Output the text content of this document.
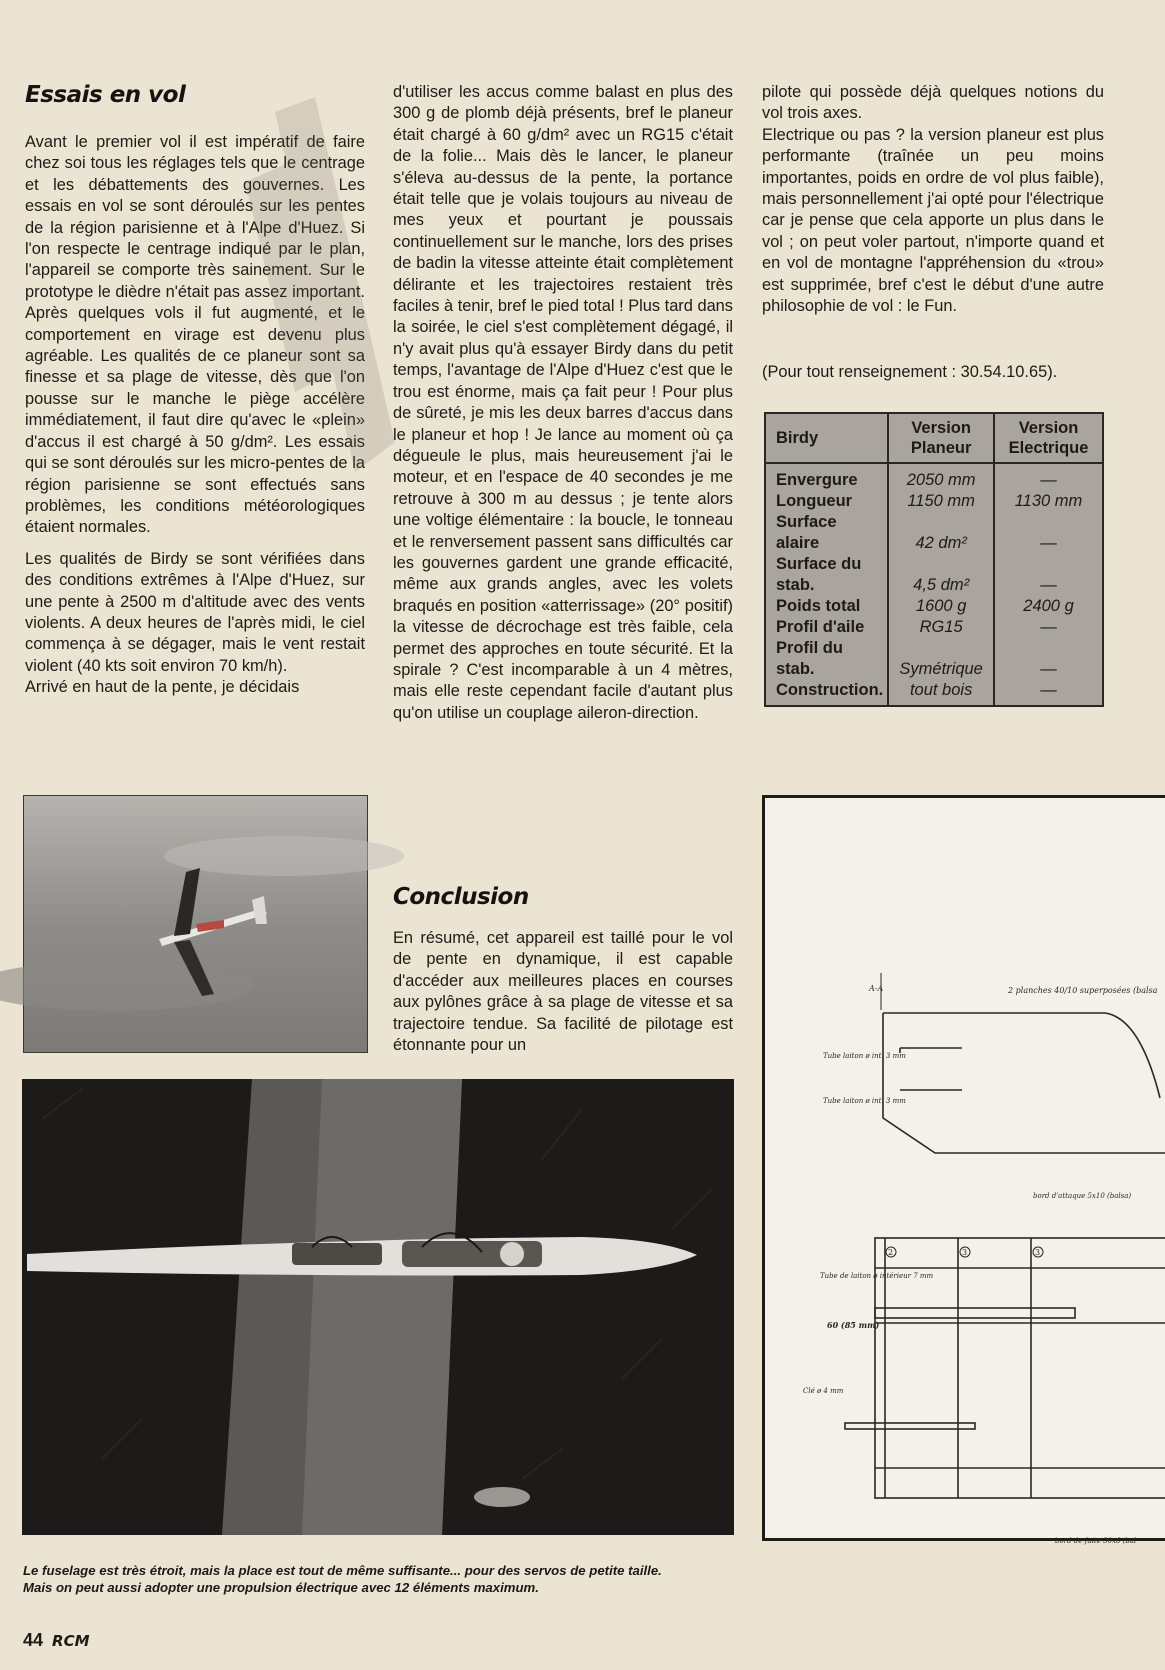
Essais en vol

Avant le premier vol il est impératif de faire chez soi tous les réglages tels que le centrage et les débattements des gouvernes. Les essais en vol se sont déroulés sur les pentes de la région parisienne et à l'Alpe d'Huez. Si l'on respecte le centrage indiqué par le plan, l'appareil se comporte très sainement. Sur le prototype le dièdre n'était pas assez important. Après quelques vols il fut augmenté, et le comportement en virage est devenu plus agréable. Les qualités de ce planeur sont sa finesse et sa plage de vitesse, dès que l'on pousse sur le manche le piège accélère immédiatement, il faut dire qu'avec le «plein» d'accus il est chargé à 50 g/dm². Les essais qui se sont déroulés sur les micro-pentes de la région parisienne se sont effectués sans problèmes, les conditions météorologiques étaient normales.

Les qualités de Birdy se sont vérifiées dans des conditions extrêmes à l'Alpe d'Huez, sur une pente à 2500 m d'altitude avec des vents violents. A deux heures de l'après midi, le ciel commença à se dégager, mais le vent restait violent (40 kts soit environ 70 km/h).

Arrivé en haut de la pente, je décidais

d'utiliser les accus comme balast en plus des 300 g de plomb déjà présents, bref le planeur était chargé à 60 g/dm² avec un RG15 c'était de la folie... Mais dès le lancer, le planeur s'éleva au-dessus de la pente, la portance était telle que je volais toujours au niveau de mes yeux et pourtant je poussais continuellement sur le manche, lors des prises de badin la vitesse atteinte était complètement délirante et les trajectoires restaient très faciles à tenir, bref le pied total ! Plus tard dans la soirée, le ciel s'est complètement dégagé, il n'y avait plus qu'à essayer Birdy dans du petit temps, l'avantage de l'Alpe d'Huez c'est que le trou est énorme, mais ça fait peur ! Pour plus de sûreté, je mis les deux barres d'accus dans le planeur et hop ! Je lance au moment où ça dégueule le plus, mais heureusement j'ai le moteur, et en l'espace de 40 secondes je me retrouve à 300 m au dessus ; je tente alors une voltige élémentaire : la boucle, le tonneau et le renversement passent sans difficultés car les gouvernes gardent une grande efficacité, même aux grands angles, avec les volets braqués en position «atterrissage» (20° positif) la vitesse de décrochage est très faible, cela permet des approches en toute sécurité. Et la spirale ? C'est incomparable à un 4 mètres, mais elle reste cependant facile d'autant plus qu'on utilise un couplage aileron-direction.

Conclusion
En résumé, cet appareil est taillé pour le vol de pente en dynamique, il est capable d'accéder aux meilleures places en courses aux pylônes grâce à sa plage de vitesse et sa trajectoire tendue. Sa facilité de pilotage est étonnante pour un

pilote qui possède déjà quelques notions du vol trois axes.

Electrique ou pas ? la version planeur est plus performante (traînée un peu moins importantes, poids en ordre de vol plus faible), mais personnellement j'ai opté pour l'électrique car je pense que cela apporte un plus dans le vol ; on peut voler partout, n'importe quand et en vol de montagne l'appréhension du «trou» est supprimée, bref c'est le début d'une autre philosophie de vol : le Fun.

(Pour tout renseignement : 30.54.10.65).
Birdy	Version Planeur	Version Electrique
Envergure	2050 mm	—
Longueur	1150 mm	1130 mm
Surface alaire	42 dm²	—
Surface du stab.	4,5 dm²	—
Poids total	1600 g	2400 g
Profil d'aile	RG15	—
Profil du stab.	Symétrique	—
Construction.	tout bois	—
A-A	2 planches 40/10 superposées (balsa
Tube laiton ø int. 3 mm
Tube laiton ø int. 3 mm
bord d'attaque 5x10 (balsa)
Tube de laiton ø intérieur 7 mm
60 (85 mm)
Clé ø 4 mm
bord de fuite 30x6 (bal
2	3	3
Le fuselage est très étroit, mais la place est tout de même suffisante... pour des servos de petite taille.
Mais on peut aussi adopter une propulsion électrique avec 12 éléments maximum.
44 RCM
